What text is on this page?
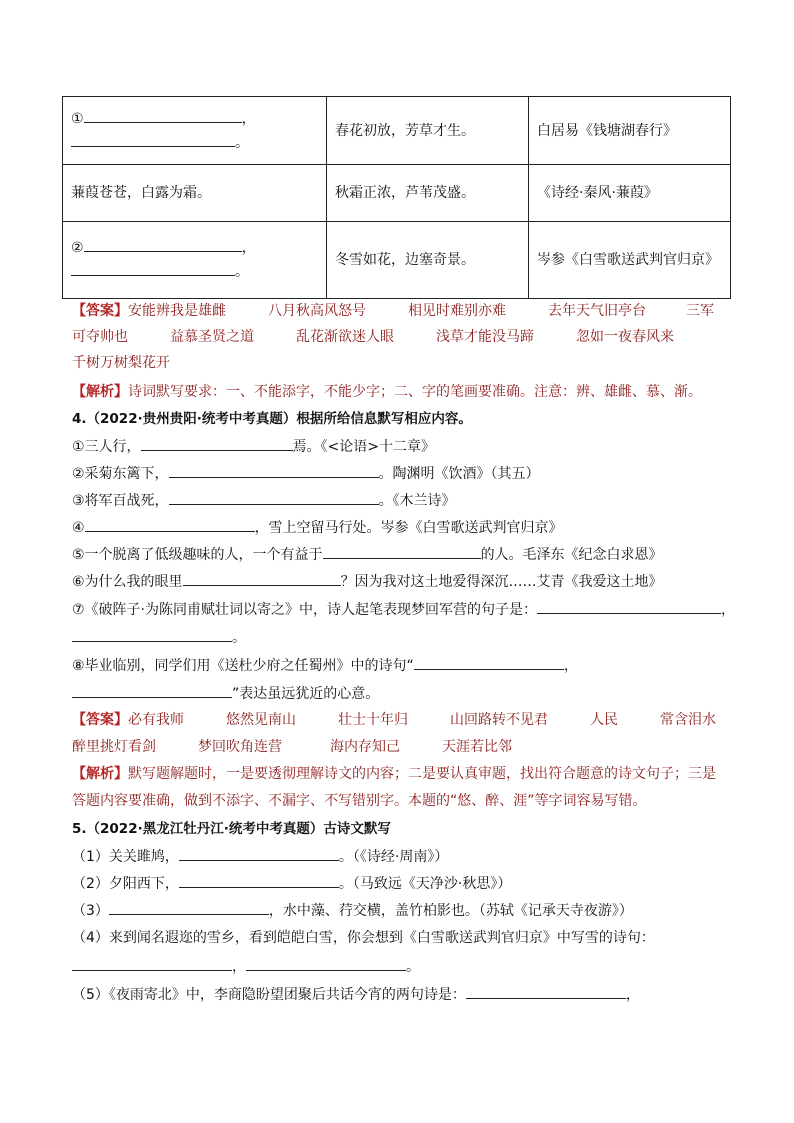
① ，
。	春花初放，芳草才生。	白居易《钱塘湖春行》
蒹葭苍苍，白露为霜。	秋霜正浓，芦苇茂盛。	《诗经·秦风·蒹葭》

② ，
。	冬雪如花，边塞奇景。	岑参《白雪歌送武判官归京》
【答案】 安能辨我是雄雌	八月秋高风怒号	相见时难别亦难	去年天气旧亭台	三军
可夺帅也	益慕圣贤之道	乱花渐欲迷人眼	浅草才能没马蹄	忽如一夜春风来
千树万树梨花开
【解析】诗词默写要求：一、不能添字，不能少字；二、字的笔画要准确。注意：辨、雄雌、慕、渐。
4.（2022·贵州贵阳·统考中考真题）根据所给信息默写相应内容。
①三人行，	焉。《<论语>十二章》
②采菊东篱下，	。陶渊明《饮酒》（其五）
③将军百战死，	。《木兰诗》
④	，雪上空留马行处。岑参《白雪歌送武判官归京》
⑤一个脱离了低级趣味的人，一个有益于	的人。毛泽东《纪念白求恩》
⑥为什么我的眼里	？因为我对这土地爱得深沉……艾青《我爱这土地》
⑦《破阵子·为陈同甫赋壮词以寄之》中，诗人起笔表现梦回军营的句子是：	，
。
⑧毕业临别，同学们用《送杜少府之任蜀州》中的诗句“	，
”表达虽远犹近的心意。
【答案】 必有我师	悠然见南山	壮士十年归	山回路转不见君	人民	常含泪水
醉里挑灯看剑	梦回吹角连营	海内存知己	天涯若比邻
【解析】默写题解题时，一是要透彻理解诗文的内容；二是要认真审题，找出符合题意的诗文句子；三是
答题内容要准确，做到不添字、不漏字、不写错别字。本题的“悠、醉、涯”等字词容易写错。
5.（2022·黑龙江牡丹江·统考中考真题）古诗文默写
（1）关关雎鸠，	。（《诗经·周南》）
（2）夕阳西下，	。（马致远《天净沙·秋思》）
（3）	，水中藻、荇交横，盖竹柏影也。（苏轼《记承天寺夜游》）
（4）来到闻名遐迩的雪乡，看到皑皑白雪，你会想到《白雪歌送武判官归京》中写雪的诗句：
，	。
（5）《夜雨寄北》中，李商隐盼望团聚后共话今宵的两句诗是：	，
